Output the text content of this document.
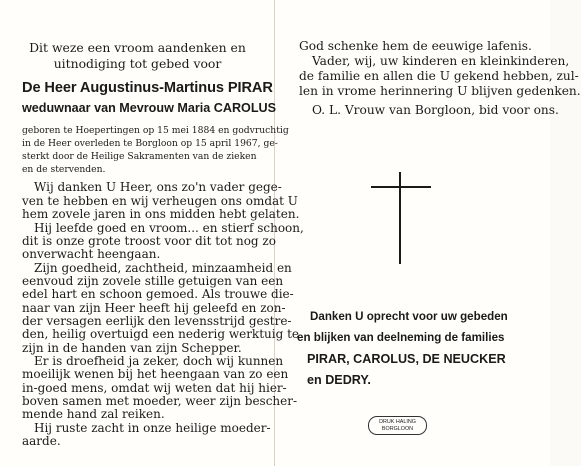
Dit weze een vroom aandenken en
uitnodiging tot gebed voor
De Heer Augustinus-Martinus PIRAR
weduwnaar van Mevrouw Maria CAROLUS
geboren te Hoepertingen op 15 mei 1884 en godvruchtig
in de Heer overleden te Borgloon op 15 april 1967, ge-
sterkt door de Heilige Sakramenten van de zieken
en de stervenden.
Wij danken U Heer, ons zo'n vader gege-
ven te hebben en wij verheugen ons omdat U
hem zovele jaren in ons midden hebt gelaten.
Hij leefde goed en vroom... en stierf schoon,
dit is onze grote troost voor dit tot nog zo
onverwacht heengaan.
Zijn goedheid, zachtheid, minzaamheid en
eenvoud zijn zovele stille getuigen van een
edel hart en schoon gemoed. Als trouwe die-
naar van zijn Heer heeft hij geleefd en zon-
der versagen eerlijk den levensstrijd gestre-
den, heilig overtuigd een nederig werktuig te
zijn in de handen van zijn Schepper.
Er is droefheid ja zeker, doch wij kunnen
moeilijk wenen bij het heengaan van zo een
in-goed mens, omdat wij weten dat hij hier-
boven samen met moeder, weer zijn bescher-
mende hand zal reiken.
Hij ruste zacht in onze heilige moeder-
aarde.
God schenke hem de eeuwige lafenis.
Vader, wij, uw kinderen en kleinkinderen,
de familie en allen die U gekend hebben, zul-
len in vrome herinnering U blijven gedenken.
O. L. Vrouw van Borgloon, bid voor ons.
Danken U oprecht voor uw gebeden
en blijken van deelneming de families
PIRAR, CAROLUS, DE NEUCKER
en DEDRY.
DRUK HALING
BORGLOON
